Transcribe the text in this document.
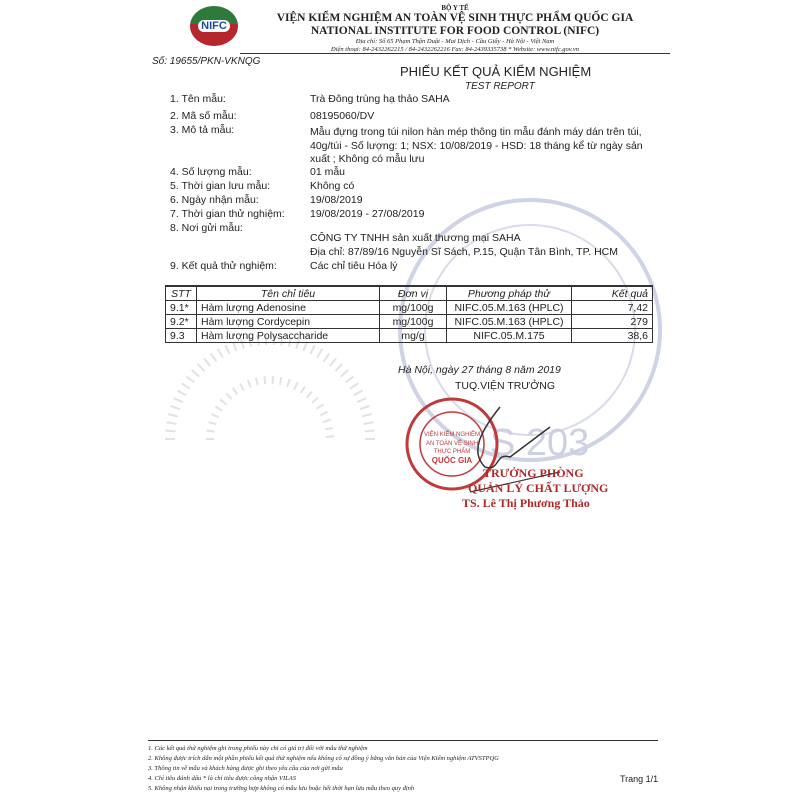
S 203
NIFC
BỘ Y TẾ
VIỆN KIỂM NGHIỆM AN TOÀN VỆ SINH THỰC PHẨM QUỐC GIA
NATIONAL INSTITUTE FOR FOOD CONTROL (NIFC)
Địa chỉ: Số 65 Phạm Thận Duật - Mai Dịch - Cầu Giấy - Hà Nội - Việt Nam
Điện thoại: 84-2432262215 / 84-2432262216 Fax: 84-2439335738 * Website: www.nifc.gov.vn
Số: 19655/PKN-VKNQG
PHIẾU KẾT QUẢ KIỂM NGHIỆM
TEST REPORT
1. Tên mẫu:	Trà Đông trùng hạ thảo SAHA
2. Mã số mẫu:	08195060/DV
3. Mô tả mẫu:	Mẫu đựng trong túi nilon hàn mép thông tin mẫu đánh máy dán trên túi, 40g/túi - Số lượng: 1; NSX: 10/08/2019 - HSD: 18 tháng kể từ ngày sản xuất ; Không có mẫu lưu
4. Số lượng mẫu:	01 mẫu
5. Thời gian lưu mẫu:	Không có
6. Ngày nhận mẫu:	19/08/2019
7. Thời gian thử nghiệm: 19/08/2019 - 27/08/2019
8. Nơi gửi mẫu:
CÔNG TY TNHH sản xuất thương mại SAHA
Địa chỉ: 87/89/16 Nguyễn Sĩ Sách, P.15, Quận Tân Bình, TP. HCM
9. Kết quả thử nghiệm:	Các chỉ tiêu Hóa lý
STT	Tên chỉ tiêu	Đơn vị	Phương pháp thử	Kết quả
9.1*	Hàm lượng Adenosine	mg/100g	NIFC.05.M.163 (HPLC)	7,42
9.2*	Hàm lượng Cordycepin	mg/100g	NIFC.05.M.163 (HPLC)	279
9.3	Hàm lượng Polysaccharide	mg/g	NIFC.05.M.175	38,6
Hà Nội, ngày 27 tháng 8 năm 2019
TUQ.VIỆN TRƯỞNG
VIỆN KIỂM NGHIỆM
AN TOÀN VỆ SINH
THỰC PHẨM
QUỐC GIA
TRƯỞNG PHÒNG
QUẢN LÝ CHẤT LƯỢNG
TS. Lê Thị Phương Thảo
1. Các kết quả thử nghiệm ghi trong phiếu này chỉ có giá trị đối với mẫu thử nghiệm
2. Không được trích dẫn một phần phiếu kết quả thử nghiệm nếu không có sự đồng ý bằng văn bản của Viện Kiểm nghiệm ATVSTPQG
3. Thông tin về mẫu và khách hàng được ghi theo yêu cầu của nơi gửi mẫu
4. Chỉ tiêu đánh dấu * là chỉ tiêu được công nhận VILAS
5. Không nhận khiếu nại trong trường hợp không có mẫu lưu hoặc hết thời hạn lưu mẫu theo quy định
Trang 1/1
